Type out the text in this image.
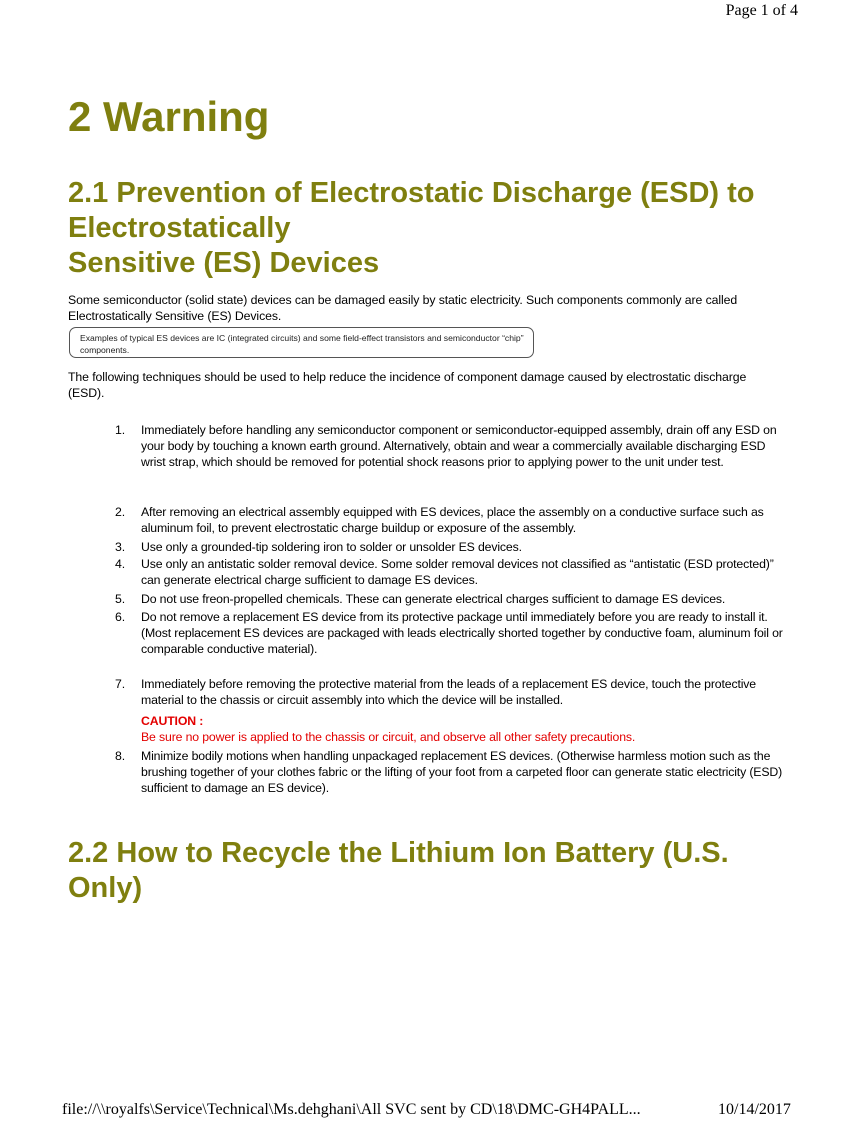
Page 1 of 4
2 Warning
2.1 Prevention of Electrostatic Discharge (ESD) to
Electrostatically
Sensitive (ES) Devices

Some semiconductor (solid state) devices can be damaged easily by static electricity. Such components commonly are called Electrostatically Sensitive (ES) Devices.

Examples of typical ES devices are IC (integrated circuits) and some field-effect transistors and semiconductor “chip” components.

The following techniques should be used to help reduce the incidence of component damage caused by electrostatic discharge (ESD).

1.	Immediately before handling any semiconductor component or semiconductor-equipped assembly, drain off any ESD on your body by touching a known earth ground. Alternatively, obtain and wear a commercially available discharging ESD wrist strap, which should be removed for potential shock reasons prior to applying power to the unit under test.
2.	After removing an electrical assembly equipped with ES devices, place the assembly on a conductive surface such as aluminum foil, to prevent electrostatic charge buildup or exposure of the assembly.
3.	Use only a grounded-tip soldering iron to solder or unsolder ES devices.
4.	Use only an antistatic solder removal device. Some solder removal devices not classified as “antistatic (ESD protected)” can generate electrical charge sufficient to damage ES devices.
5.	Do not use freon-propelled chemicals. These can generate electrical charges sufficient to damage ES devices.
6.	Do not remove a replacement ES device from its protective package until immediately before you are ready to install it. (Most replacement ES devices are packaged with leads electrically shorted together by conductive foam, aluminum foil or comparable conductive material).
7.	Immediately before removing the protective material from the leads of a replacement ES device, touch the protective material to the chassis or circuit assembly into which the device will be installed.
CAUTION :
Be sure no power is applied to the chassis or circuit, and observe all other safety precautions.
8.	Minimize bodily motions when handling unpackaged replacement ES devices. (Otherwise harmless motion such as the brushing together of your clothes fabric or the lifting of your foot from a carpeted floor can generate static electricity (ESD) sufficient to damage an ES device).
2.2 How to Recycle the Lithium Ion Battery (U.S.
Only)
file://\\royalfs\Service\Technical\Ms.dehghani\All SVC sent by CD\18\DMC-GH4PALL...	10/14/2017
